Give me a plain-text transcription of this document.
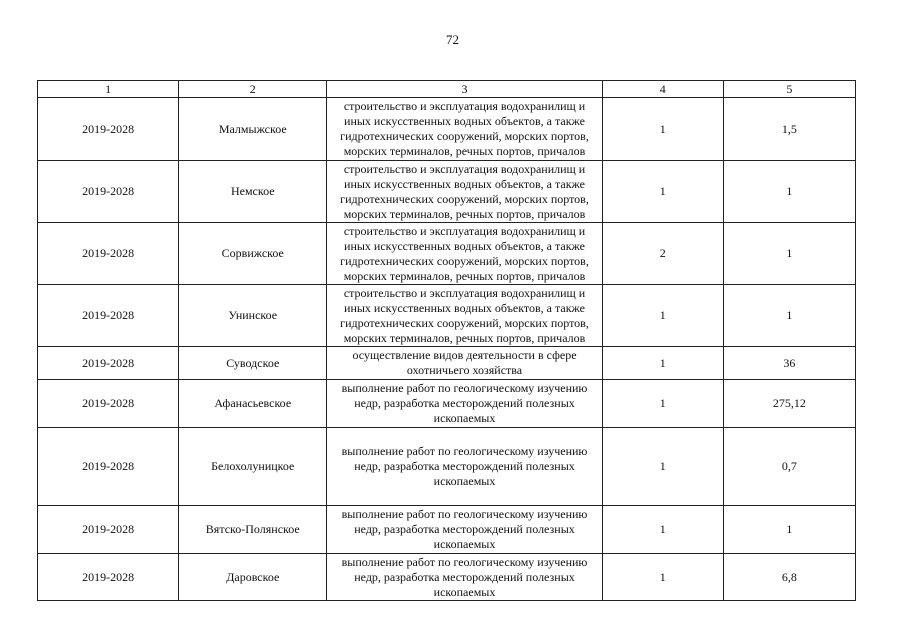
72
1	2	3	4	5
2019-2028	Малмыжское	строительство и эксплуатация водохранилищ и иных искусственных водных объектов, а также гидротехнических сооружений, морских портов, морских терминалов, речных портов, причалов	1	1,5
2019-2028	Немское	строительство и эксплуатация водохранилищ и иных искусственных водных объектов, а также гидротехнических сооружений, морских портов, морских терминалов, речных портов, причалов	1	1
2019-2028	Сорвижское	строительство и эксплуатация водохранилищ и иных искусственных водных объектов, а также гидротехнических сооружений, морских портов, морских терминалов, речных портов, причалов	2	1
2019-2028	Унинское	строительство и эксплуатация водохранилищ и иных искусственных водных объектов, а также гидротехнических сооружений, морских портов, морских терминалов, речных портов, причалов	1	1
2019-2028	Суводское	осуществление видов деятельности в сфере охотничьего хозяйства	1	36
2019-2028	Афанасьевское	выполнение работ по геологическому изучению недр, разработка месторождений полезных ископаемых	1	275,12
2019-2028	Белохолуницкое	выполнение работ по геологическому изучению недр, разработка месторождений полезных ископаемых	1	0,7
2019-2028	Вятско-Полянское	выполнение работ по геологическому изучению недр, разработка месторождений полезных ископаемых	1	1
2019-2028	Даровское	выполнение работ по геологическому изучению недр, разработка месторождений полезных ископаемых	1	6,8
